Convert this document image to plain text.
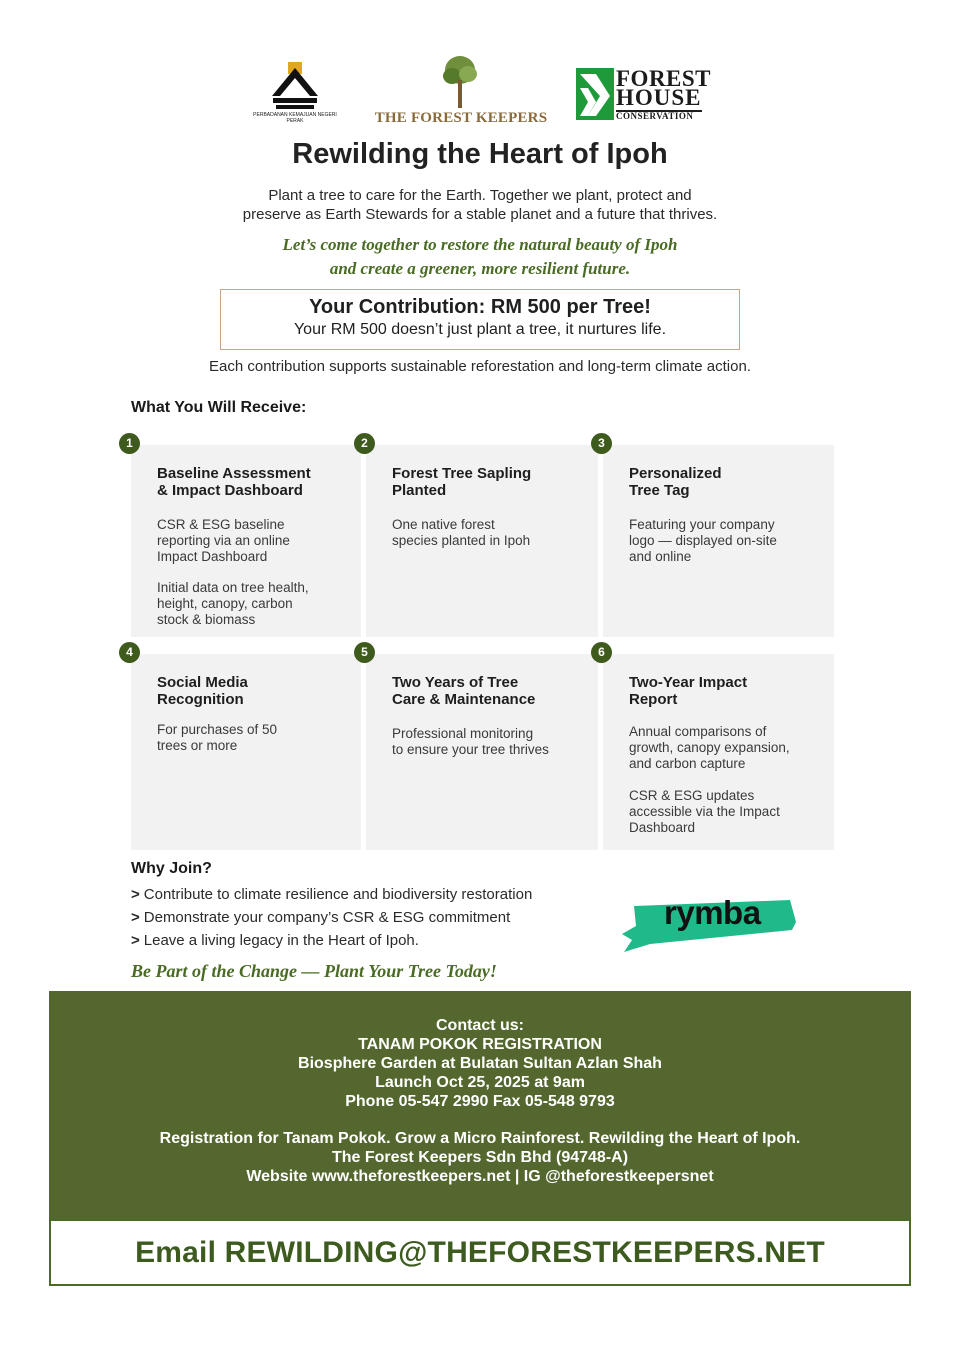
PERBADANAN KEMAJUAN NEGERI PERAK	THE FOREST KEEPERS
FOREST
HOUSE
CONSERVATION
Rewilding the Heart of Ipoh
Plant a tree to care for the Earth. Together we plant, protect and
preserve as Earth Stewards for a stable planet and a future that thrives.
Let’s come together to restore the natural beauty of Ipoh
and create a greener, more resilient future.
Your Contribution: RM 500 per Tree!
Your RM 500 doesn’t just plant a tree, it nurtures life.
Each contribution supports sustainable reforestation and long-term climate action.
What You Will Receive:
1
Baseline Assessment
& Impact Dashboard
CSR & ESG baseline
reporting via an online
Impact Dashboard
Initial data on tree health,
height, canopy, carbon
stock & biomass
2
Forest Tree Sapling
Planted
One native forest
species planted in Ipoh
3
Personalized
Tree Tag
Featuring your company
logo — displayed on-site
and online
4
Social Media
Recognition
For purchases of 50
trees or more
5
Two Years of Tree
Care & Maintenance
Professional monitoring
to ensure your tree thrives
6
Two-Year Impact
Report
Annual comparisons of
growth, canopy expansion,
and carbon capture
CSR & ESG updates
accessible via the Impact
Dashboard
Why Join?
> Contribute to climate resilience and biodiversity restoration
> Demonstrate your company’s CSR & ESG commitment
> Leave a living legacy in the Heart of Ipoh.
rymba
Be Part of the Change — Plant Your Tree Today!
Contact us:
TANAM POKOK REGISTRATION
Biosphere Garden at Bulatan Sultan Azlan Shah
Launch Oct 25, 2025 at 9am
Phone 05-547 2990 Fax 05-548 9793
Registration for Tanam Pokok. Grow a Micro Rainforest. Rewilding the Heart of Ipoh.
The Forest Keepers Sdn Bhd (94748-A)
Website www.theforestkeepers.net | IG @theforestkeepersnet
Email REWILDING@THEFORESTKEEPERS.NET
